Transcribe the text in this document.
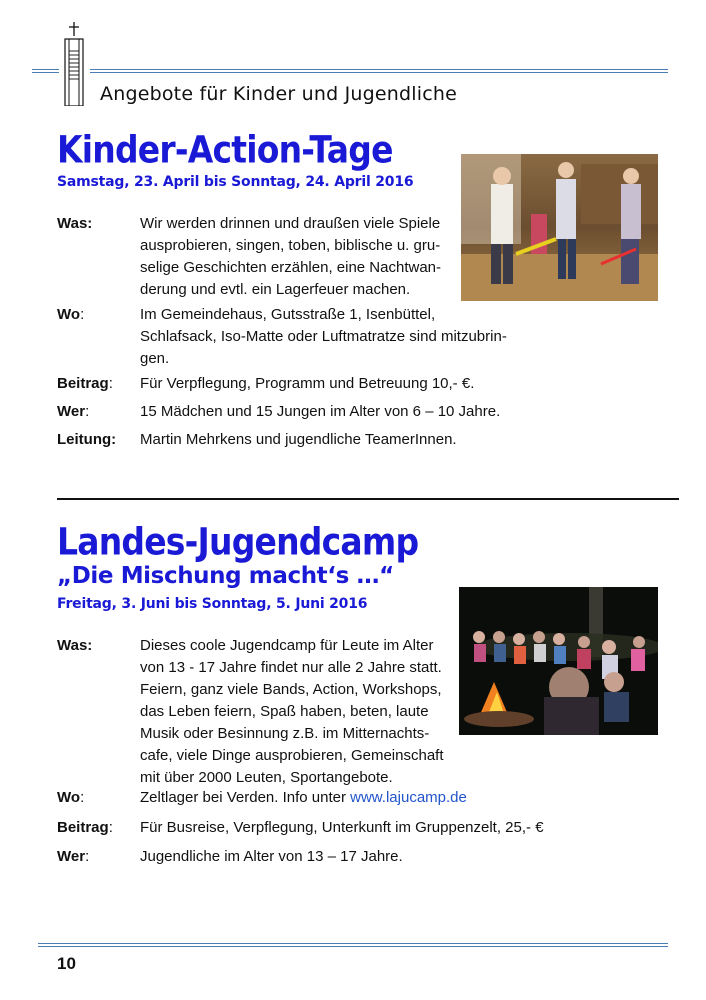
Angebote für Kinder und Jugendliche
Kinder-Action-Tage
Samstag, 23. April bis Sonntag, 24. April 2016
Was:	Wir werden drinnen und draußen viele Spiele
ausprobieren, singen, toben, biblische u. gru-
selige Geschichten erzählen, eine Nachtwan-
derung und evtl. ein Lagerfeuer machen.
Wo:	Im Gemeindehaus, Gutsstraße 1, Isenbüttel,
Schlafsack, Iso-Matte oder Luftmatratze sind mitzubrin-
gen.
Beitrag: Für Verpflegung, Programm und Betreuung 10,- €.
Wer:	15 Mädchen und 15 Jungen im Alter von 6 – 10 Jahre.
Leitung: Martin Mehrkens und jugendliche TeamerInnen.
Landes-Jugendcamp
„Die Mischung macht‘s …“
Freitag, 3. Juni bis Sonntag, 5. Juni 2016
Was:	Dieses coole Jugendcamp für Leute im Alter
von 13 - 17 Jahre findet nur alle 2 Jahre statt.
Feiern, ganz viele Bands, Action, Workshops,
das Leben feiern, Spaß haben, beten, laute
Musik oder Besinnung z.B. im Mitternachts-
cafe, viele Dinge ausprobieren, Gemeinschaft
mit über 2000 Leuten, Sportangebote.
Wo:	Zeltlager bei Verden. Info unter www.lajucamp.de
Beitrag: Für Busreise, Verpflegung, Unterkunft im Gruppenzelt, 25,- €
Wer:	Jugendliche im Alter von 13 – 17 Jahre.
10
